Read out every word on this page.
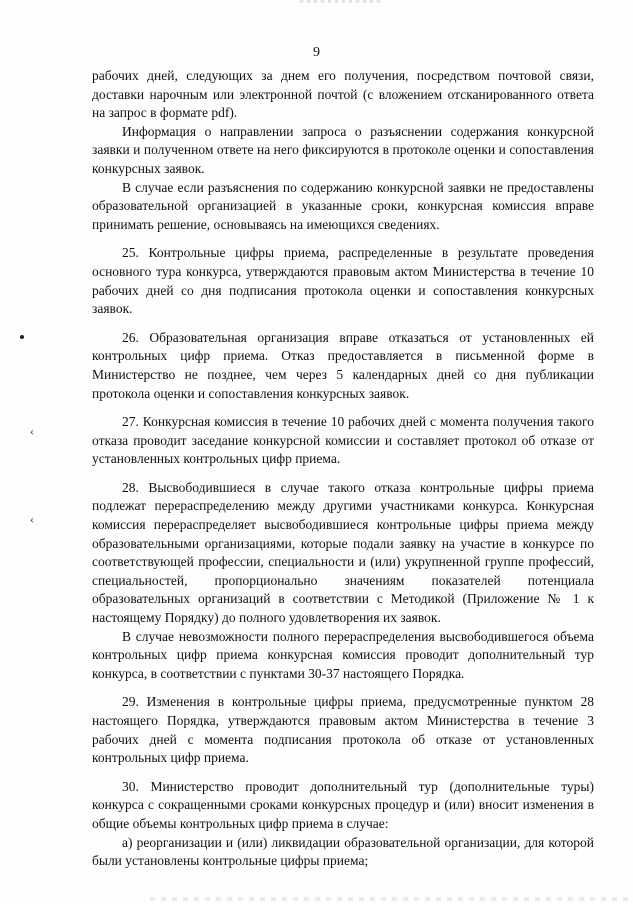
9
‹
‹

рабочих дней, следующих за днем его получения, посредством почтовой связи, доставки нарочным или электронной почтой (с вложением отсканированного ответа на запрос в формате pdf).

Информация о направлении запроса о разъяснении содержания конкурсной заявки и полученном ответе на него фиксируются в протоколе оценки и сопоставления конкурсных заявок.

В случае если разъяснения по содержанию конкурсной заявки не предоставлены образовательной организацией в указанные сроки, конкурсная комиссия вправе принимать решение, основываясь на имеющихся сведениях.

25. Контрольные цифры приема, распределенные в результате проведения основного тура конкурса, утверждаются правовым актом Министерства в течение 10 рабочих дней со дня подписания протокола оценки и сопоставления конкурсных заявок.

26. Образовательная организация вправе отказаться от установленных ей контрольных цифр приема. Отказ предоставляется в письменной форме в Министерство не позднее, чем через 5 календарных дней со дня публикации протокола оценки и сопоставления конкурсных заявок.

27. Конкурсная комиссия в течение 10 рабочих дней с момента получения такого отказа проводит заседание конкурсной комиссии и составляет протокол об отказе от установленных контрольных цифр приема.

28. Высвободившиеся в случае такого отказа контрольные цифры приема подлежат перераспределению между другими участниками конкурса. Конкурсная комиссия перераспределяет высвободившиеся контрольные цифры приема между образовательными организациями, которые подали заявку на участие в конкурсе по соответствующей профессии, специальности и (или) укрупненной группе профессий, специальностей, пропорционально значениям показателей потенциала образовательных организаций в соответствии с Методикой (Приложение № 1 к настоящему Порядку) до полного удовлетворения их заявок.

В случае невозможности полного перераспределения высвободившегося объема контрольных цифр приема конкурсная комиссия проводит дополнительный тур конкурса, в соответствии с пунктами 30-37 настоящего Порядка.

29. Изменения в контрольные цифры приема, предусмотренные пунктом 28 настоящего Порядка, утверждаются правовым актом Министерства в течение 3 рабочих дней с момента подписания протокола об отказе от установленных контрольных цифр приема.

30. Министерство проводит дополнительный тур (дополнительные туры) конкурса с сокращенными сроками конкурсных процедур и (или) вносит изменения в общие объемы контрольных цифр приема в случае:

а) реорганизации и (или) ликвидации образовательной организации, для которой были установлены контрольные цифры приема;
